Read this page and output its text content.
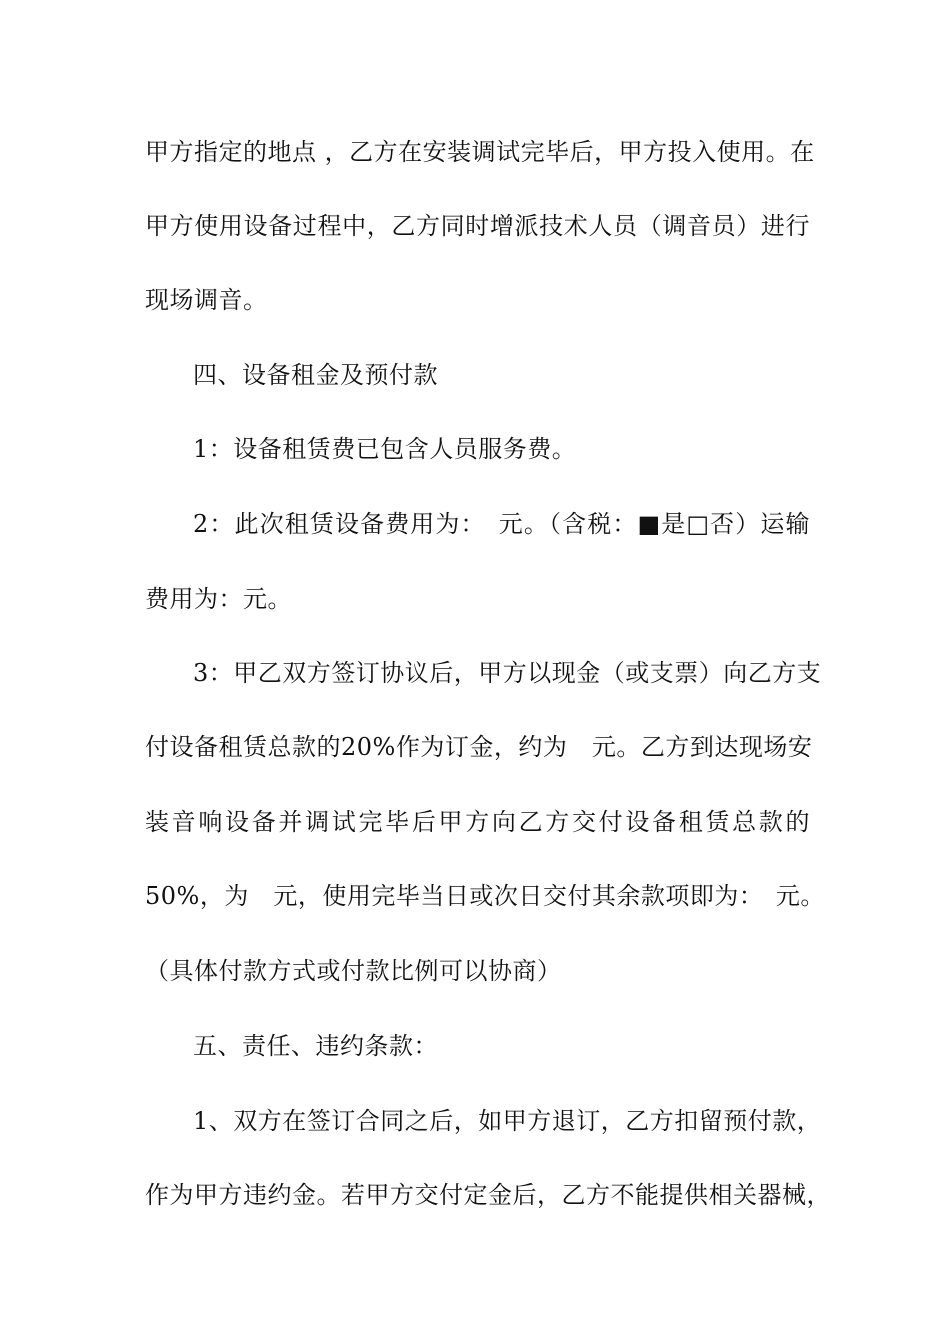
甲方指定的地点 ，乙方在安装调试完毕后，甲方投入使用。在
甲方使用设备过程中，乙方同时增派技术人员（调音员）进行
现场调音。
四、设备租金及预付款
1：设备租赁费已包含人员服务费。
2：此次租赁设备费用为：　元。（含税：■是□否）运输
费用为：元。
3：甲乙双方签订协议后，甲方以现金（或支票）向乙方支
付设备租赁总款的20%作为订金，约为　元。乙方到达现场安
装音响设备并调试完毕后甲方向乙方交付设备租赁总款的
50%，为　元，使用完毕当日或次日交付其余款项即为：　元。
（具体付款方式或付款比例可以协商）
五、责任、违约条款：
1、双方在签订合同之后，如甲方退订，乙方扣留预付款，
作为甲方违约金。若甲方交付定金后，乙方不能提供相关器械，
